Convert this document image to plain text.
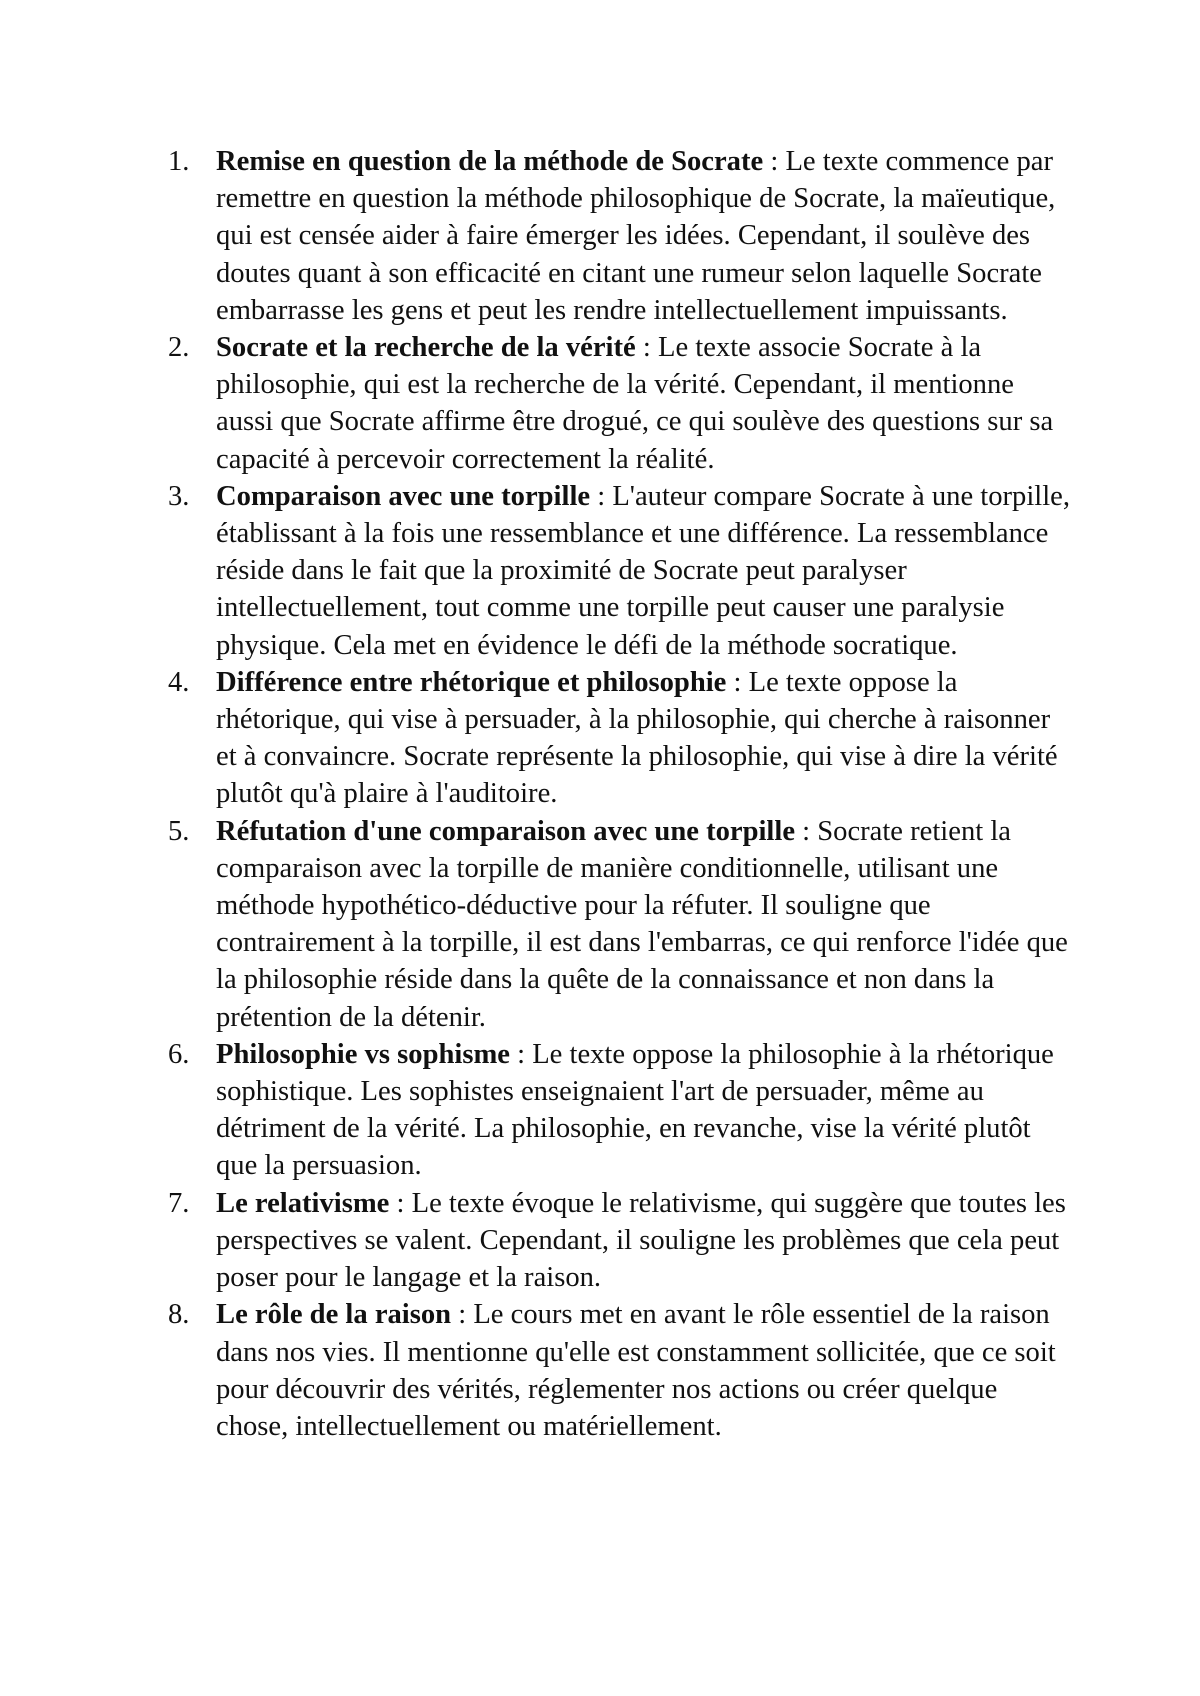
1. Remise en question de la méthode de Socrate : Le texte commence par remettre en question la méthode philosophique de Socrate, la maïeutique, qui est censée aider à faire émerger les idées. Cependant, il soulève des doutes quant à son efficacité en citant une rumeur selon laquelle Socrate embarrasse les gens et peut les rendre intellectuellement impuissants.
2. Socrate et la recherche de la vérité : Le texte associe Socrate à la philosophie, qui est la recherche de la vérité. Cependant, il mentionne aussi que Socrate affirme être drogué, ce qui soulève des questions sur sa capacité à percevoir correctement la réalité.
3. Comparaison avec une torpille : L'auteur compare Socrate à une torpille, établissant à la fois une ressemblance et une différence. La ressemblance réside dans le fait que la proximité de Socrate peut paralyser intellectuellement, tout comme une torpille peut causer une paralysie physique. Cela met en évidence le défi de la méthode socratique.
4. Différence entre rhétorique et philosophie : Le texte oppose la rhétorique, qui vise à persuader, à la philosophie, qui cherche à raisonner et à convaincre. Socrate représente la philosophie, qui vise à dire la vérité plutôt qu'à plaire à l'auditoire.
5. Réfutation d'une comparaison avec une torpille : Socrate retient la comparaison avec la torpille de manière conditionnelle, utilisant une méthode hypothético-déductive pour la réfuter. Il souligne que contrairement à la torpille, il est dans l'embarras, ce qui renforce l'idée que la philosophie réside dans la quête de la connaissance et non dans la prétention de la détenir.
6. Philosophie vs sophisme : Le texte oppose la philosophie à la rhétorique sophistique. Les sophistes enseignaient l'art de persuader, même au détriment de la vérité. La philosophie, en revanche, vise la vérité plutôt que la persuasion.
7. Le relativisme : Le texte évoque le relativisme, qui suggère que toutes les perspectives se valent. Cependant, il souligne les problèmes que cela peut poser pour le langage et la raison.
8. Le rôle de la raison : Le cours met en avant le rôle essentiel de la raison dans nos vies. Il mentionne qu'elle est constamment sollicitée, que ce soit pour découvrir des vérités, réglementer nos actions ou créer quelque chose, intellectuellement ou matériellement.
